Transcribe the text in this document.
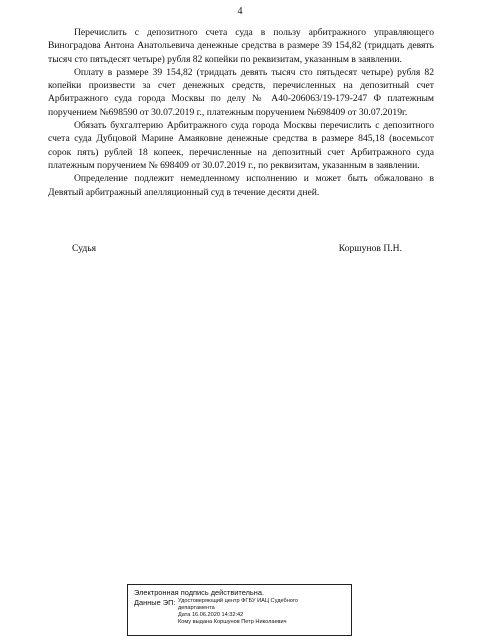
4

Перечислить с депозитного счета суда в пользу арбитражного управляющего Виноградова Антона Анатольевича денежные средства в размере 39 154,82 (тридцать девять тысяч сто пятьдесят четыре) рубля 82 копейки по реквизитам, указанным в заявлении.

Оплату в размере 39 154,82 (тридцать девять тысяч сто пятьдесят четыре) рубля 82 копейки произвести за счет денежных средств, перечисленных на депозитный счет Арбитражного суда города Москвы по делу № А40-206063/19-179-247 Ф платежным поручением №698590 от 30.07.2019 г., платежным поручением №698409 от 30.07.2019г.

Обязать бухгалтерию Арбитражного суда города Москвы перечислить с депозитного счета суда Дубцовой Марине Амаяковне денежные средства в размере 845,18 (восемьсот сорок пять) рублей 18 копеек, перечисленные на депозитный счет Арбитражного суда платежным поручением № 698409 от 30.07.2019 г., по реквизитам, указанным в заявлении.

Определение подлежит немедленному исполнению и может быть обжаловано в Девятый арбитражный апелляционный суд в течение десяти дней.

Судья	Коршунов П.Н.
Электронная подпись действительна.
Данные ЭП: Удостоверяющий центр ФГБУ ИАЦ Судебного
департамента
Дата 16.06.2020 14:32:42
Кому выдана Коршунов Петр Николаевич
